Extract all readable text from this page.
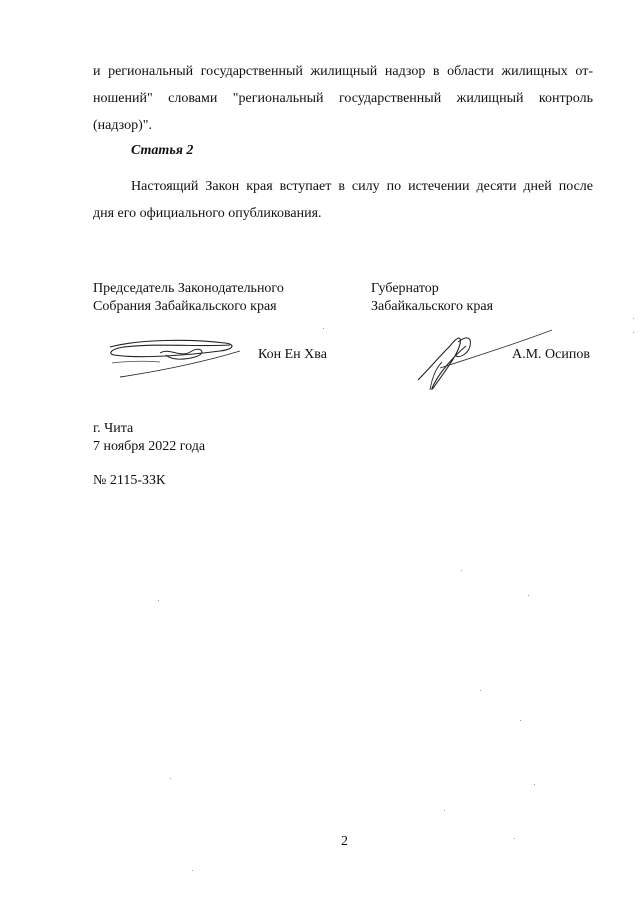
и региональный государственный жилищный надзор в области жилищных от-
ношений" словами "региональный государственный жилищный контроль
(надзор)".

Статья 2

Настоящий Закон края вступает в силу по истечении десяти дней после
дня его официального опубликования.
Председатель Законодательного
Собрания Забайкальского края
Губернатор
Забайкальского края
Кон Ен Хва	А.М. Осипов
г. Чита
7 ноября 2022 года
№ 2115-ЗЗК
2
